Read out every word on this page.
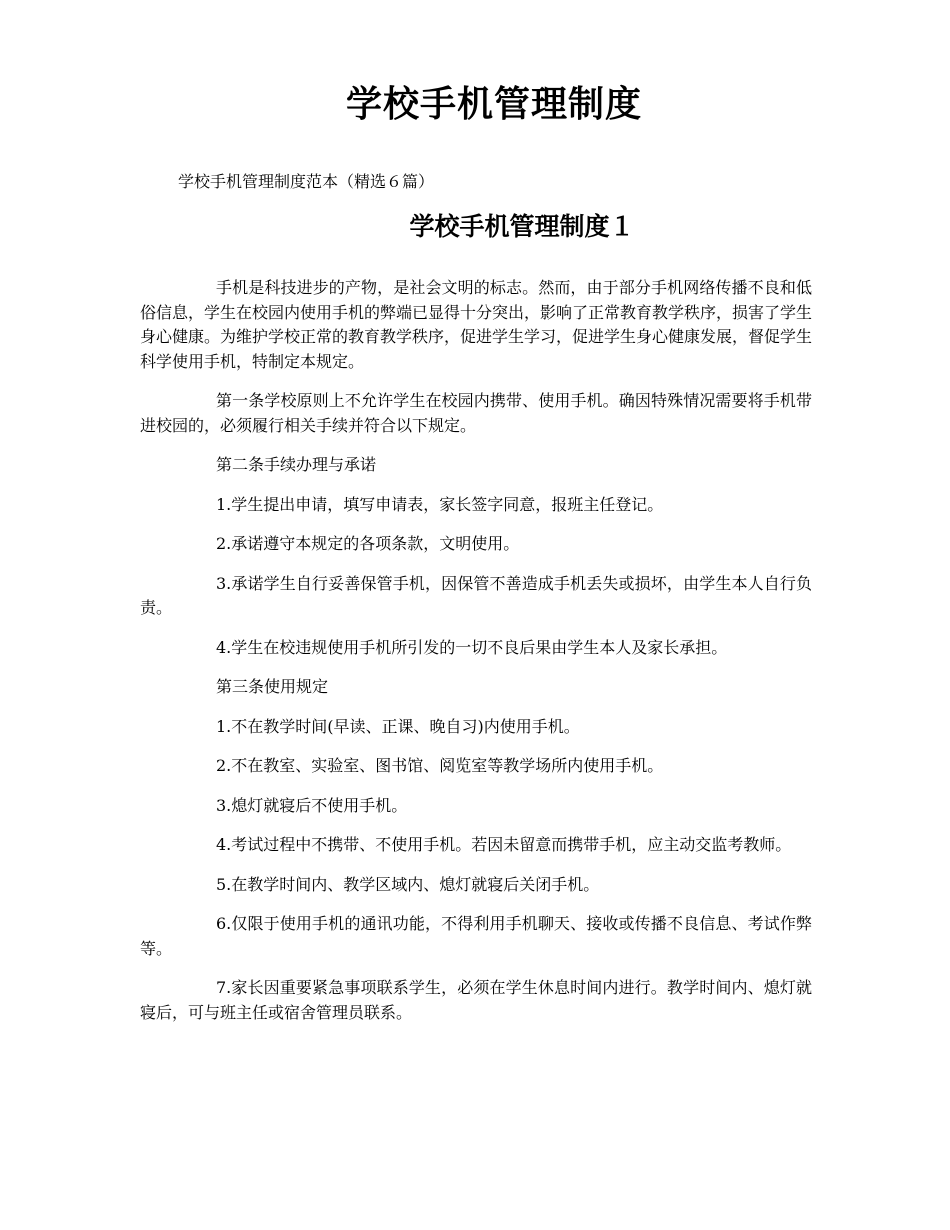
学校手机管理制度

学校手机管理制度范本（精选６篇）

学校手机管理制度１

手机是科技进步的产物，是社会文明的标志。然而，由于部分手机网络传播不良和低俗信息，学生在校园内使用手机的弊端已显得十分突出，影响了正常教育教学秩序，损害了学生身心健康。为维护学校正常的教育教学秩序，促进学生学习，促进学生身心健康发展，督促学生科学使用手机，特制定本规定。

第一条学校原则上不允许学生在校园内携带、使用手机。确因特殊情况需要将手机带进校园的，必须履行相关手续并符合以下规定。

第二条手续办理与承诺

1.学生提出申请，填写申请表，家长签字同意，报班主任登记。

2.承诺遵守本规定的各项条款，文明使用。

3.承诺学生自行妥善保管手机，因保管不善造成手机丢失或损坏，由学生本人自行负责。

4.学生在校违规使用手机所引发的一切不良后果由学生本人及家长承担。

第三条使用规定

1.不在教学时间(早读、正课、晚自习)内使用手机。

2.不在教室、实验室、图书馆、阅览室等教学场所内使用手机。

3.熄灯就寝后不使用手机。

4.考试过程中不携带、不使用手机。若因未留意而携带手机，应主动交监考教师。

5.在教学时间内、教学区域内、熄灯就寝后关闭手机。

6.仅限于使用手机的通讯功能，不得利用手机聊天、接收或传播不良信息、考试作弊等。

7.家长因重要紧急事项联系学生，必须在学生休息时间内进行。教学时间内、熄灯就寝后，可与班主任或宿舍管理员联系。
